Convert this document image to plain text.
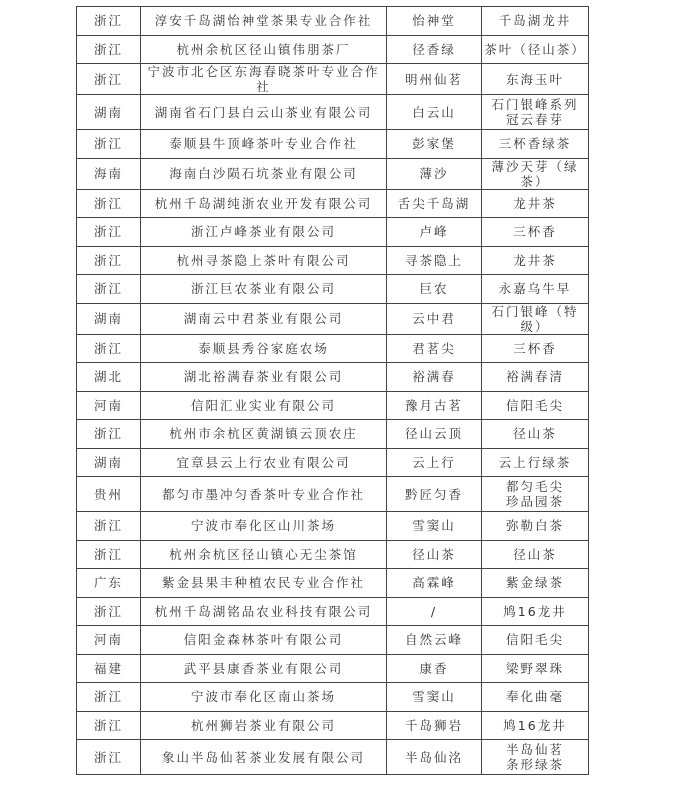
浙江	淳安千岛湖怡神堂茶果专业合作社	怡神堂	千岛湖龙井

浙江	杭州余杭区径山镇伟朋茶厂	径香绿	茶叶（径山茶）

浙江	宁波市北仑区东海春晓茶叶专业合作社	明州仙茗	东海玉叶

湖南	湖南省石门县白云山茶业有限公司	白云山	石门银峰系列
冠云春芽

浙江	泰顺县牛顶峰茶叶专业合作社	彭家堡	三杯香绿茶

海南	海南白沙陨石坑茶业有限公司	薄沙	薄沙天芽（绿茶）

浙江	杭州千岛湖纯浙农业开发有限公司	舌尖千岛湖	龙井茶

浙江	浙江卢峰茶业有限公司	卢峰	三杯香

浙江	杭州寻茶隐上茶叶有限公司	寻茶隐上	龙井茶

浙江	浙江巨农茶业有限公司	巨农	永嘉乌牛早

湖南	湖南云中君茶业有限公司	云中君	石门银峰（特级）

浙江	泰顺县秀谷家庭农场	君茗尖	三杯香

湖北	湖北裕满春茶业有限公司	裕满春	裕满春清

河南	信阳汇业实业有限公司	豫月古茗	信阳毛尖

浙江	杭州市余杭区黄湖镇云顶农庄	径山云顶	径山茶

湖南	宜章县云上行农业有限公司	云上行	云上行绿茶

贵州	都匀市墨冲匀香茶叶专业合作社	黔匠匀香	都匀毛尖
珍品园茶

浙江	宁波市奉化区山川茶场	雪窦山	弥勒白茶

浙江	杭州余杭区径山镇心无尘茶馆	径山茶	径山茶

广东	紫金县果丰种植农民专业合作社	高霖峰	紫金绿茶

浙江	杭州千岛湖铭品农业科技有限公司	/	鸠16龙井

河南	信阳金森林茶叶有限公司	自然云峰	信阳毛尖

福建	武平县康香茶业有限公司	康香	梁野翠珠

浙江	宁波市奉化区南山茶场	雪窦山	奉化曲毫

浙江	杭州狮岩茶业有限公司	千岛狮岩	鸠16龙井

浙江	象山半岛仙茗茶业发展有限公司	半岛仙洺	半岛仙茗
条形绿茶
